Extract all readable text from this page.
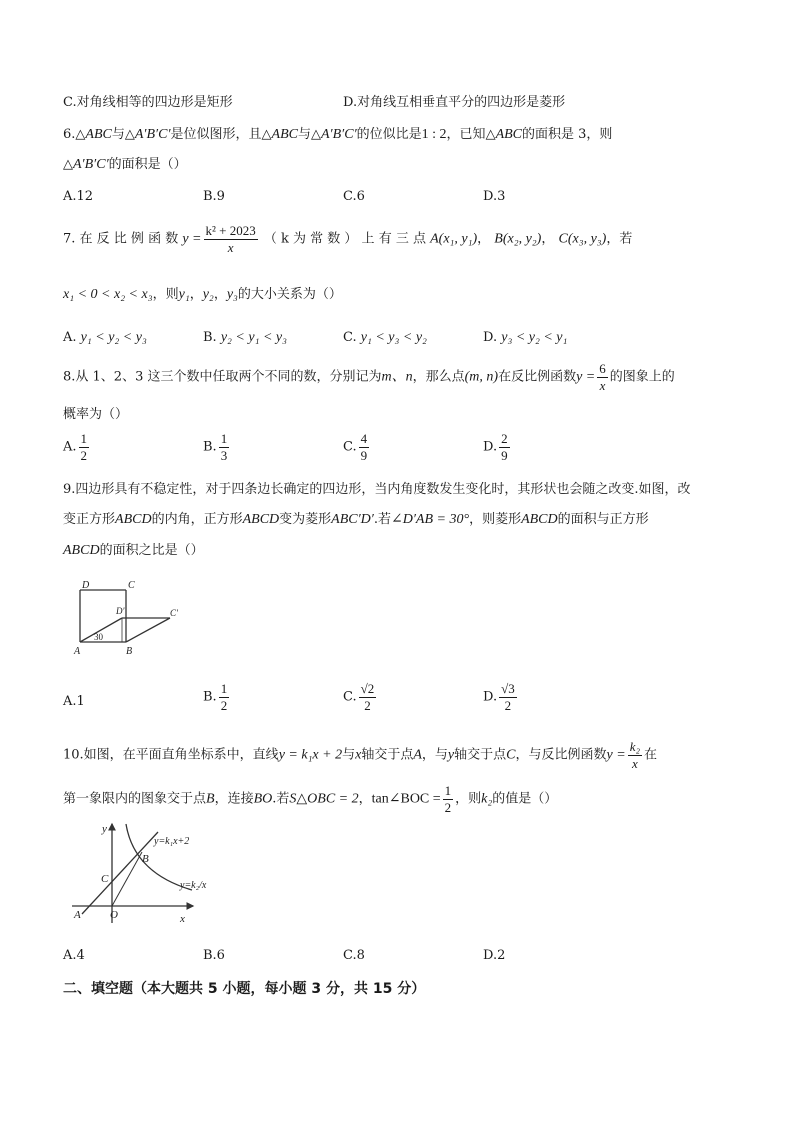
C.对角线相等的四边形是矩形	D.对角线互相垂直平分的四边形是菱形
6.△ABC与△A′B′C′是位似图形，且△ABC与△A′B′C′的位似比是1 : 2，已知△ABC的面积是 3，则
△A′B′C′的面积是（）
A.12	B.9	C.6	D.3
7. 在 反 比 例 函 数 $y = \frac{\text{k² + 2023}}{x}$ （ k 为 常 数 ） 上 有 三 点 A(x₁, y₁)， B(x₂, y₂)， C(x₃, y₃)，若
x₁ < 0 < x₂ < x₃，则y₁，y₂，y₃的大小关系为（）
A. y₁ < y₂ < y₃	B. y₂ < y₁ < y₃	C. y₁ < y₃ < y₂	D. y₃ < y₂ < y₁
8.从 1、2、3 这三个数中任取两个不同的数，分别记为m、n，那么点(m, n)在反比例函数$y = \frac{6}{x}$ 的图象上的
概率为（）
A. $\frac{1}{2}$	B. $\frac{1}{3}$	C. $\frac{4}{9}$	D. $\frac{2}{9}$
9.四边形具有不稳定性，对于四条边长确定的四边形，当内角度数发生变化时，其形状也会随之改变.如图，改
变正方形ABCD的内角，正方形ABCD变为菱形ABC′D′.若∠D′AB = 30°，则菱形ABCD的面积与正方形
ABCD的面积之比是（）
D	C
D'	C'
A	B
30
A.1	B. $\frac{1}{2}$	C. $\frac{√2}{2}$	D. $\frac{√3}{2}$
10.如图，在平面直角坐标系中，直线y = k₁x + 2与x轴交于点A，与y轴交于点C，与反比例函数$y = \frac{\text{k₂}}{x}$ 在
第一象限内的图象交于点B，连接BO.若S△OBC = 2，tan∠BOC = $\frac{1}{2}$ ，则k₂的值是（）
y
x
O
A
C
B
y=k₁x+2
y=k₂/x
A.4	B.6	C.8	D.2
二、填空题（本大题共 5 小题，每小题 3 分，共 15 分）
